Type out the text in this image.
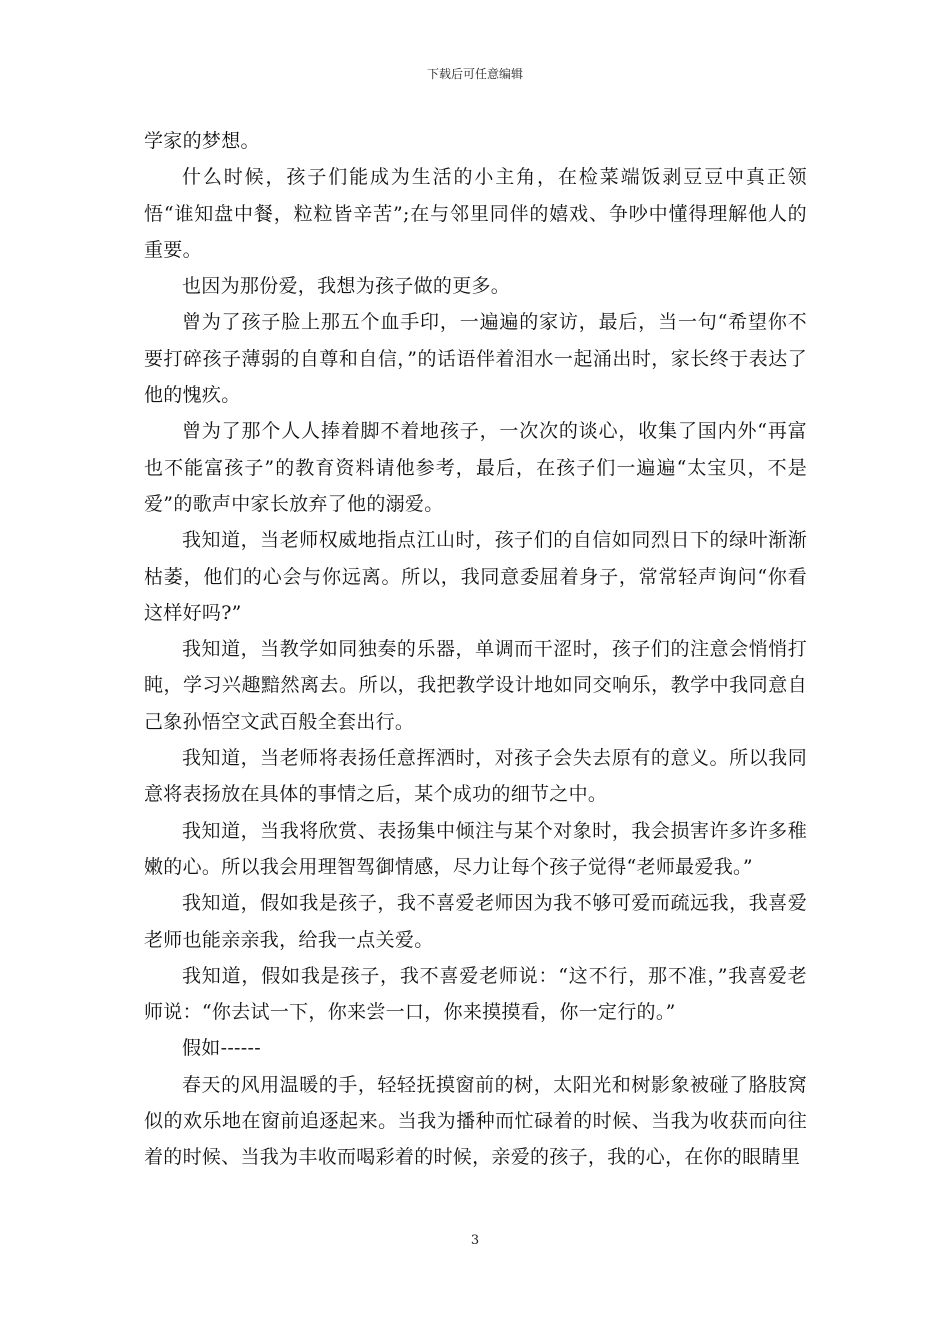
下载后可任意编辑

学家的梦想。

什么时候，孩子们能成为生活的小主角，在检菜端饭剥豆豆中真正领悟“谁知盘中餐，粒粒皆辛苦”;在与邻里同伴的嬉戏、争吵中懂得理解他人的重要。

也因为那份爱，我想为孩子做的更多。

曾为了孩子脸上那五个血手印，一遍遍的家访，最后，当一句“希望你不要打碎孩子薄弱的自尊和自信，”的话语伴着泪水一起涌出时，家长终于表达了他的愧疚。

曾为了那个人人捧着脚不着地孩子，一次次的谈心，收集了国内外“再富也不能富孩子”的教育资料请他参考，最后，在孩子们一遍遍“太宝贝，不是爱”的歌声中家长放弃了他的溺爱。

我知道，当老师权威地指点江山时，孩子们的自信如同烈日下的绿叶渐渐枯萎，他们的心会与你远离。所以，我同意委屈着身子，常常轻声询问“你看这样好吗?”

我知道，当教学如同独奏的乐器，单调而干涩时，孩子们的注意会悄悄打盹，学习兴趣黯然离去。所以，我把教学设计地如同交响乐，教学中我同意自己象孙悟空文武百般全套出行。

我知道，当老师将表扬任意挥洒时，对孩子会失去原有的意义。所以我同意将表扬放在具体的事情之后，某个成功的细节之中。

我知道，当我将欣赏、表扬集中倾注与某个对象时，我会损害许多许多稚嫩的心。所以我会用理智驾御情感，尽力让每个孩子觉得“老师最爱我。”

我知道，假如我是孩子，我不喜爱老师因为我不够可爱而疏远我，我喜爱老师也能亲亲我，给我一点关爱。

我知道，假如我是孩子，我不喜爱老师说：“这不行，那不准，”我喜爱老师说：“你去试一下，你来尝一口，你来摸摸看，你一定行的。”

假如------

春天的风用温暖的手，轻轻抚摸窗前的树，太阳光和树影象被碰了胳肢窝似的欢乐地在窗前追逐起来。当我为播种而忙碌着的时候、当我为收获而向往着的时候、当我为丰收而喝彩着的时候，亲爱的孩子，我的心，在你的眼睛里

3
